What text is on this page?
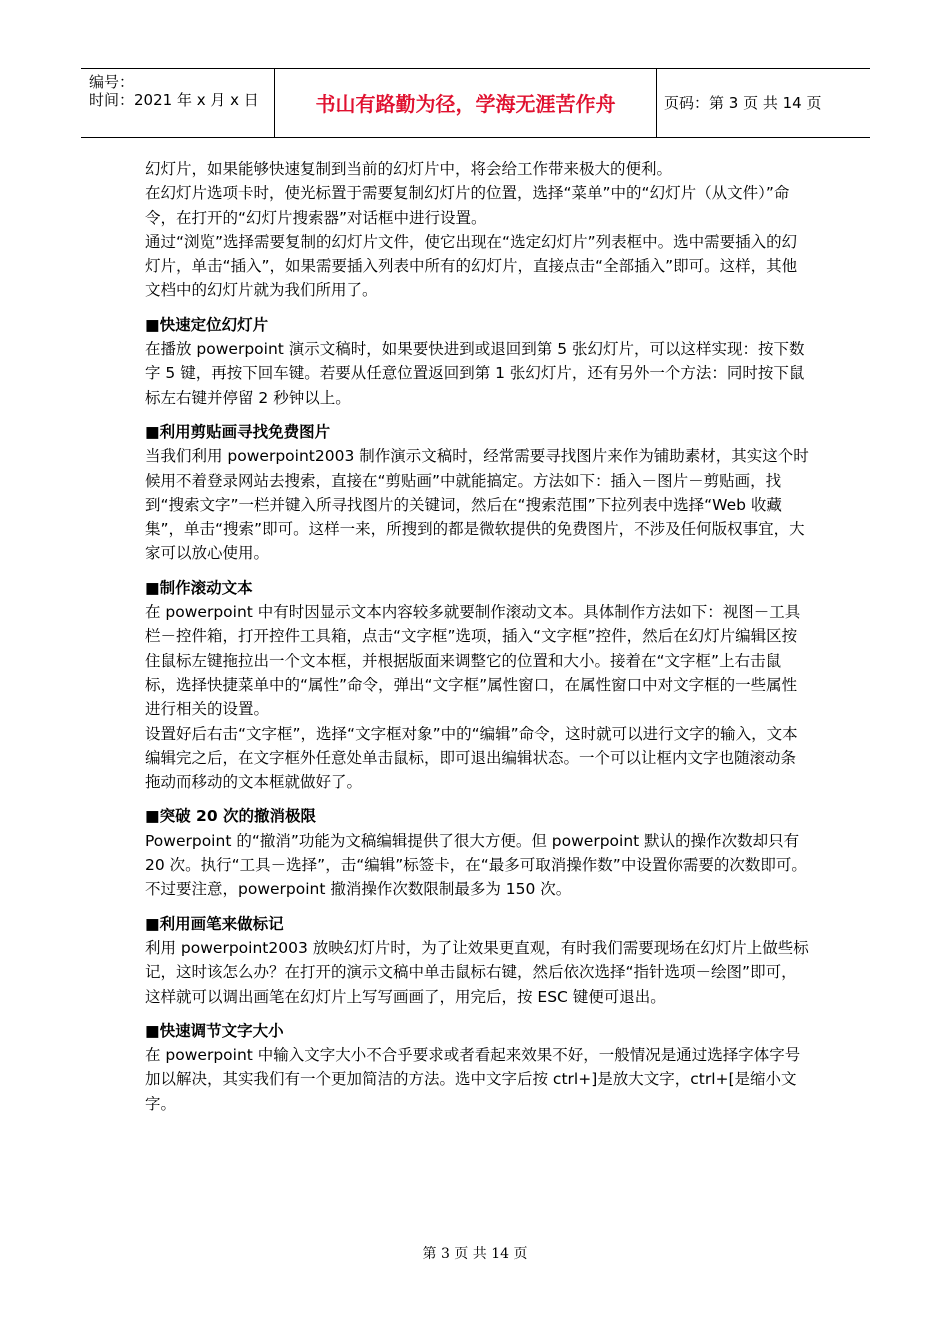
编号：
时间：2021 年 x 月 x 日	书山有路勤为径，学海无涯苦作舟	页码：第 3 页 共 14 页

幻灯片，如果能够快速复制到当前的幻灯片中，将会给工作带来极大的便利。

在幻灯片选项卡时，使光标置于需要复制幻灯片的位置，选择“菜单”中的“幻灯片（从文件）”命令，在打开的“幻灯片搜索器”对话框中进行设置。

通过“浏览”选择需要复制的幻灯片文件，使它出现在“选定幻灯片”列表框中。选中需要插入的幻灯片，单击“插入”，如果需要插入列表中所有的幻灯片，直接点击“全部插入”即可。这样，其他文档中的幻灯片就为我们所用了。

■快速定位幻灯片

在播放 powerpoint 演示文稿时，如果要快进到或退回到第 5 张幻灯片，可以这样实现：按下数字 5 键，再按下回车键。若要从任意位置返回到第 1 张幻灯片，还有另外一个方法：同时按下鼠标左右键并停留 2 秒钟以上。

■利用剪贴画寻找免费图片

当我们利用 powerpoint2003 制作演示文稿时，经常需要寻找图片来作为铺助素材，其实这个时候用不着登录网站去搜索，直接在“剪贴画”中就能搞定。方法如下：插入－图片－剪贴画，找到“搜索文字”一栏并键入所寻找图片的关键词，然后在“搜索范围”下拉列表中选择“Web 收藏集”，单击“搜索”即可。这样一来，所搜到的都是微软提供的免费图片，不涉及任何版权事宜，大家可以放心使用。

■制作滚动文本

在 powerpoint 中有时因显示文本内容较多就要制作滚动文本。具体制作方法如下：视图－工具栏－控件箱，打开控件工具箱，点击“文字框”选项，插入“文字框”控件，然后在幻灯片编辑区按住鼠标左键拖拉出一个文本框，并根据版面来调整它的位置和大小。接着在“文字框”上右击鼠标，选择快捷菜单中的“属性”命令，弹出“文字框”属性窗口，在属性窗口中对文字框的一些属性进行相关的设置。

设置好后右击“文字框”，选择“文字框对象”中的“编辑”命令，这时就可以进行文字的输入，文本编辑完之后，在文字框外任意处单击鼠标，即可退出编辑状态。一个可以让框内文字也随滚动条拖动而移动的文本框就做好了。

■突破 20 次的撤消极限

Powerpoint 的“撤消”功能为文稿编辑提供了很大方便。但 powerpoint 默认的操作次数却只有 20 次。执行“工具－选择”，击“编辑”标签卡，在“最多可取消操作数”中设置你需要的次数即可。不过要注意，powerpoint 撤消操作次数限制最多为 150 次。

■利用画笔来做标记

利用 powerpoint2003 放映幻灯片时，为了让效果更直观，有时我们需要现场在幻灯片上做些标记，这时该怎么办？在打开的演示文稿中单击鼠标右键，然后依次选择“指针选项－绘图”即可，这样就可以调出画笔在幻灯片上写写画画了，用完后，按 ESC 键便可退出。

■快速调节文字大小

在 powerpoint 中输入文字大小不合乎要求或者看起来效果不好，一般情况是通过选择字体字号加以解决，其实我们有一个更加简洁的方法。选中文字后按 ctrl+]是放大文字，ctrl+[是缩小文字。

第 3 页 共 14 页
